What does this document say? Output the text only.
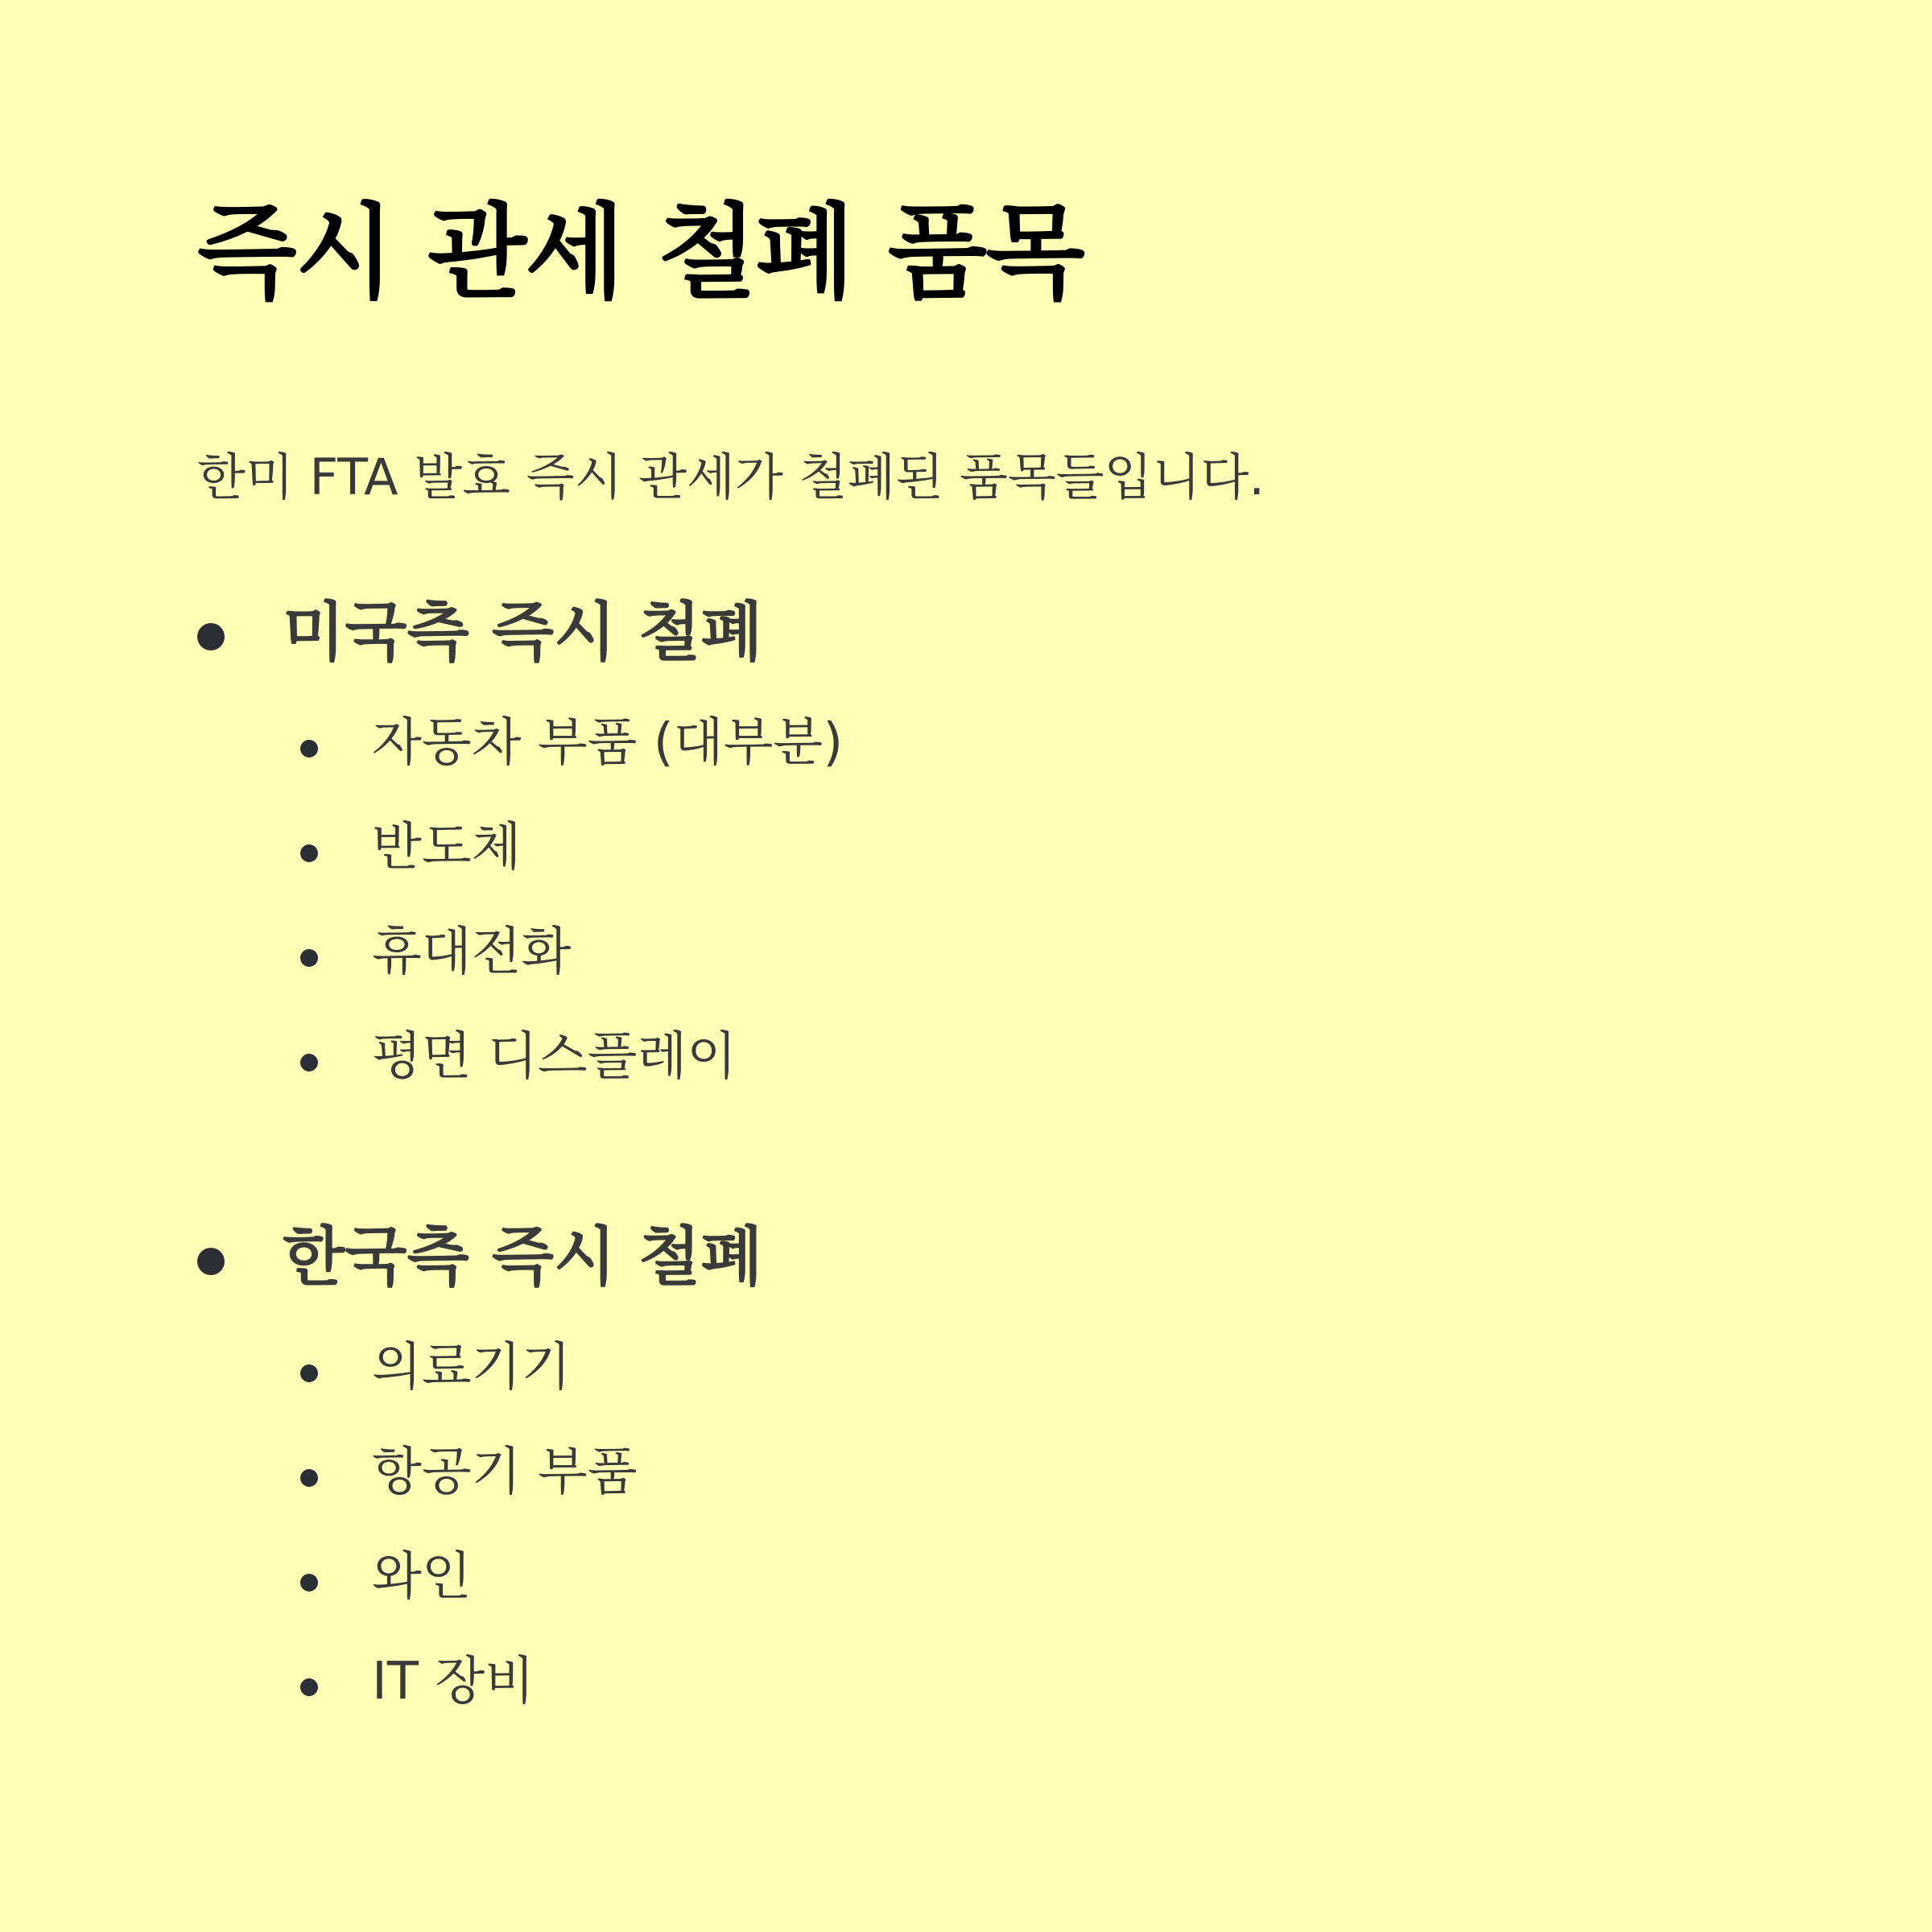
즉시 관세 철폐 품목

한미 FTA 발효 즉시 관세가 철폐된 품목들입니다.

미국측 즉시 철폐
자동차 부품 (대부분)
반도체
휴대전화
평면 디스플레이
한국측 즉시 철폐
의료기기
항공기 부품
와인
IT 장비
